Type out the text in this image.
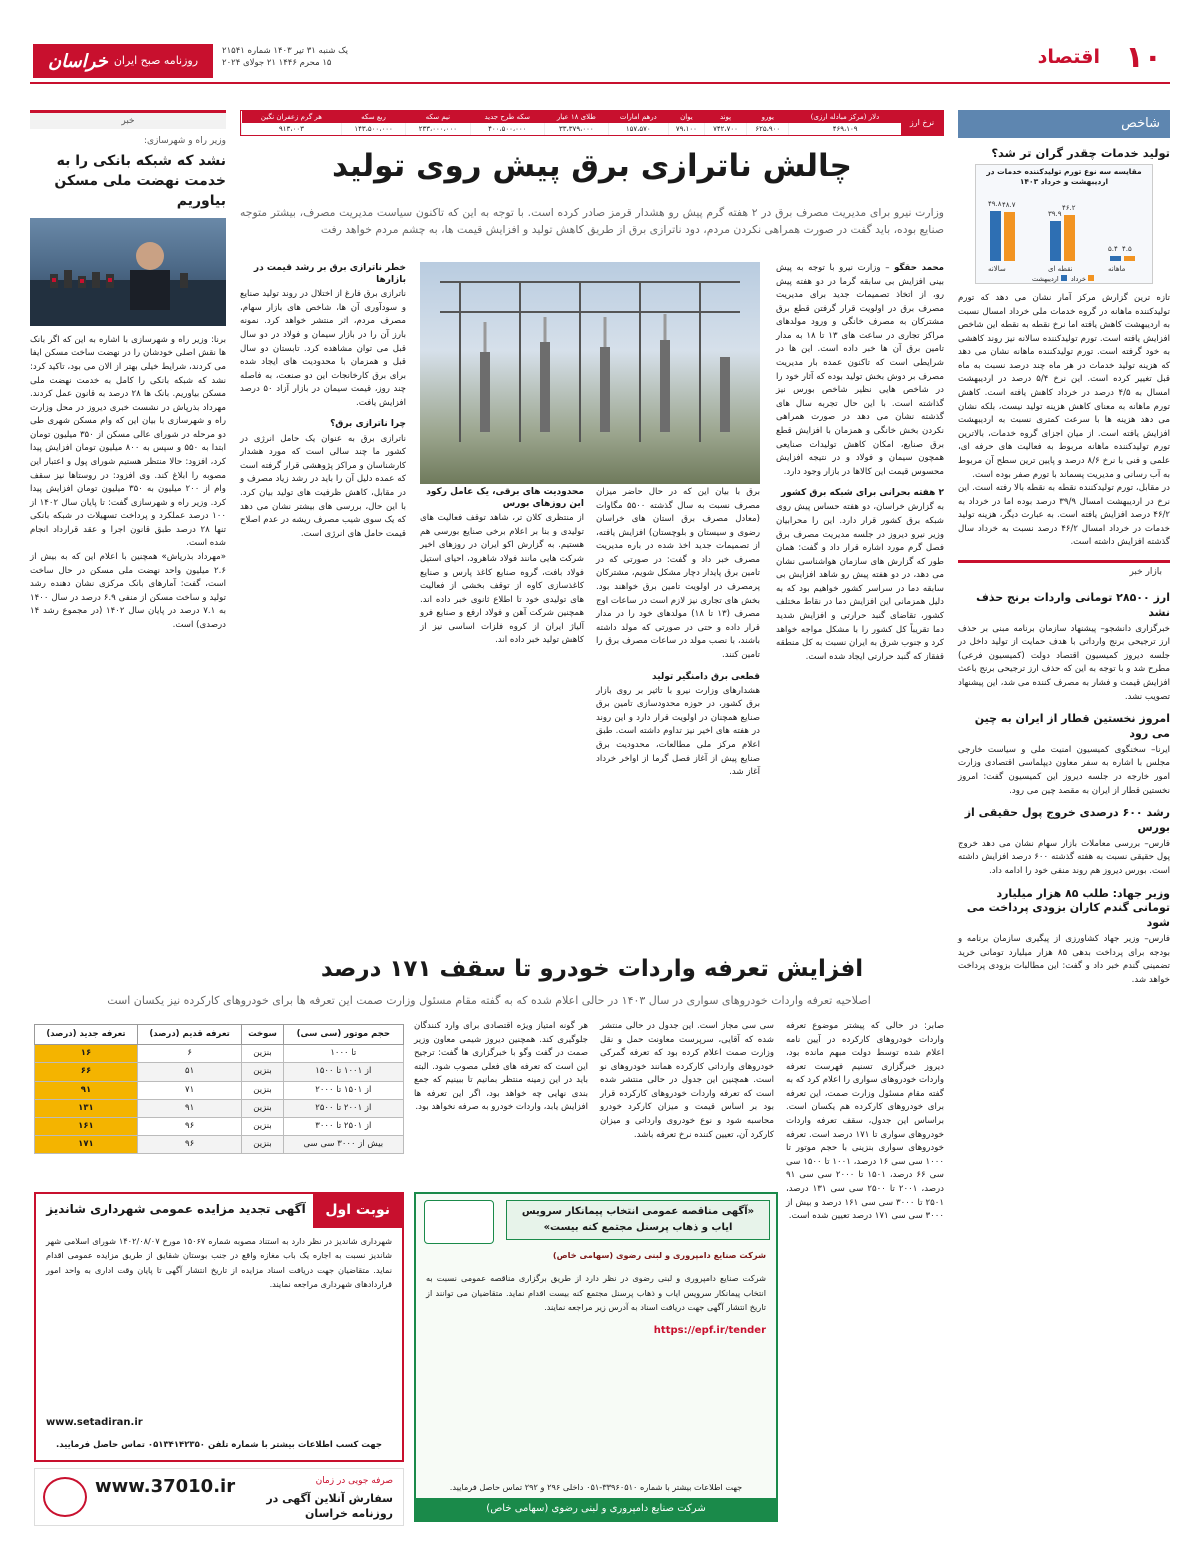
۱۰
اقتصاد
یک شنبه ۳۱ تیر ۱۴۰۳ شماره ۲۱۵۴۱
۱۵ محرم ۱۴۴۶ ۲۱ جولای ۲۰۲۴
روزنامه صبح ایران
خراسان
شاخص
تولید خدمات چقدر گران تر شد؟
مقایسه سه نوع تورم تولیدکننده خدمات در اردیبهشت و خرداد ۱۴۰۳
۴۹.۸ ۴۸.۷
سالانه
۳۹.۹
۴۶.۲
نقطه ای
۵.۴ ۴.۵
ماهانه
خرداد اردیبهشت

تازه ترین گزارش مرکز آمار نشان می دهد که تورم تولیدکننده ماهانه در گروه خدمات ملی خرداد امسال نسبت به اردیبهشت کاهش یافته اما نرخ نقطه به نقطه این شاخص افزایش یافته است. تورم تولیدکننده سالانه نیز روند کاهشی به خود گرفته است. تورم تولیدکننده ماهانه نشان می دهد که هزینه تولید خدمات در هر ماه چند درصد نسبت به ماه قبل تغییر کرده است. این نرخ ۵/۴ درصد در اردیبهشت امسال به ۴/۵ درصد در خرداد کاهش یافته است. کاهش تورم ماهانه به معنای کاهش هزینه تولید نیست، بلکه نشان می دهد هزینه ها با سرعت کمتری نسبت به اردیبهشت افزایش یافته است. از میان اجزای گروه خدمات، بالاترین تورم تولیدکننده ماهانه مربوط به فعالیت های حرفه ای، علمی و فنی با نرخ ۸/۶ درصد و پایین ترین سطح آن مربوط به آب رسانی و مدیریت پسماند با تورم صفر بوده است.

در مقابل، تورم تولیدکننده نقطه به نقطه بالا رفته است. این نرخ در اردیبهشت امسال ۳۹/۹ درصد بوده اما در خرداد به ۴۶/۲ درصد افزایش یافته است. به عبارت دیگر، هزینه تولید خدمات در خرداد امسال ۴۶/۲ درصد نسبت به خرداد سال گذشته افزایش داشته است.

بازار خبر
ارز ۲۸۵۰۰ تومانی واردات برنج حذف نشد

خبرگزاری دانشجو– پیشنهاد سازمان برنامه مبنی بر حذف ارز ترجیحی برنج وارداتی با هدف حمایت از تولید داخل در جلسه دیروز کمیسیون اقتصاد دولت (کمیسیون فرعی) مطرح شد و با توجه به این که حذف ارز ترجیحی برنج باعث افزایش قیمت و فشار به مصرف کننده می شد، این پیشنهاد تصویب نشد.

امروز نخستین قطار از ایران به چین می رود

ایرنا– سخنگوی کمیسیون امنیت ملی و سیاست خارجی مجلس با اشاره به سفر معاون دیپلماسی اقتصادی وزارت امور خارجه در جلسه دیروز این کمیسیون گفت: امروز نخستین قطار از ایران به مقصد چین می رود.

رشد ۶۰۰ درصدی خروج پول حقیقی از بورس

فارس– بررسی معاملات بازار سهام نشان می دهد خروج پول حقیقی نسبت به هفته گذشته ۶۰۰ درصد افزایش داشته است. بورس دیروز هم روند منفی خود را ادامه داد.

وزیر جهاد: طلب ۸۵ هزار میلیارد تومانی گندم کاران بزودی پرداخت می شود

فارس– وزیر جهاد کشاورزی از پیگیری سازمان برنامه و بودجه برای پرداخت بدهی ۸۵ هزار میلیارد تومانی خرید تضمینی گندم خبر داد و گفت: این مطالبات بزودی پرداخت خواهد شد.

خبر
وزیر راه و شهرسازی:
نشد که شبکه بانکی را به خدمت نهضت ملی مسکن بیاوریم

برنا: وزیر راه و شهرسازی با اشاره به این که اگر بانک ها نقش اصلی خودشان را در نهضت ساخت مسکن ایفا می کردند، شرایط خیلی بهتر از الان می بود، تاکید کرد: نشد که شبکه بانکی را کامل به خدمت نهضت ملی مسکن بیاوریم. بانک ها ۲۸ درصد به قانون عمل کردند. مهرداد بذرپاش در نشست خبری دیروز در محل وزارت راه و شهرسازی با بیان این که وام مسکن شهری طی دو مرحله در شورای عالی مسکن از ۳۵۰ میلیون تومان ابتدا به ۵۵۰ و سپس به ۸۰۰ میلیون تومان افزایش پیدا کرد، افزود: حالا منتظر هستیم شورای پول و اعتبار این مصوبه را ابلاغ کند. وی افزود: در روستاها نیز سقف وام از ۲۰۰ میلیون به ۳۵۰ میلیون تومان افزایش پیدا کرد. وزیر راه و شهرسازی گفت: تا پایان سال ۱۴۰۲ از ۱۰۰ درصد عملکرد و پرداخت تسهیلات در شبکه بانکی تنها ۲۸ درصد طبق قانون اجرا و عقد قرارداد انجام شده است.

«مهرداد بذرپاش» همچنین با اعلام این که به بیش از ۲.۶ میلیون واحد نهضت ملی مسکن در حال ساخت است، گفت: آمارهای بانک مرکزی نشان دهنده رشد تولید و ساخت مسکن از منفی ۶.۹ درصد در سال ۱۴۰۰ به ۷.۱ درصد در پایان سال ۱۴۰۲ (در مجموع رشد ۱۴ درصدی) است.

نرخ ارز	دلار (مرکز مبادله ارزی)	یورو	پوند	یوان	درهم امارات	طلای ۱۸ عیار	سکه طرح جدید	نیم سکه	ربع سکه	هر گرم زعفران نگین
	۴۶۹،۱۰۹	۶۲۵،۹۰۰	۷۴۲،۷۰۰	۷۹،۱۰۰	۱۵۷،۵۷۰	۳۳،۳۷۹،۰۰۰	۴۰۰،۵۰۰،۰۰۰	۲۳۳،۰۰۰،۰۰۰	۱۴۳،۵۰۰،۰۰۰	۹۱۳،۰۰۳
چالش ناترازی برق پیش روی تولید
وزارت نیرو برای مدیریت مصرف برق در ۲ هفته گرم پیش رو هشدار قرمز صادر کرده است. با توجه به این که تاکنون سیاست مدیریت مصرف، بیشتر متوجه صنایع بوده، باید گفت در صورت همراهی نکردن مردم، دود ناترازی برق از طریق کاهش تولید و افزایش قیمت ها، به چشم مردم خواهد رفت

محمد حقگو – وزارت نیرو با توجه به پیش بینی افزایش بی سابقه گرما در دو هفته پیش رو، از اتخاذ تصمیمات جدید برای مدیریت مصرف برق در اولویت قرار گرفتن قطع برق مشترکان به مصرف خانگی و ورود مولدهای مراکز تجاری در ساعت های ۱۳ تا ۱۸ به مدار تامین برق آن ها خبر داده است. این ها در شرایطی است که تاکنون عمده بار مدیریت مصرف بر دوش بخش تولید بوده که آثار خود را در شاخص هایی نظیر شاخص بورس نیز گذاشته است. با این حال تجربه سال های گذشته نشان می دهد در صورت همراهی نکردن بخش خانگی و همزمان با افزایش قطع برق صنایع، امکان کاهش تولیدات صنایعی همچون سیمان و فولاد و در نتیجه افزایش محسوس قیمت این کالاها در بازار وجود دارد.

۲ هفته بحرانی برای شبکه برق کشور

به گزارش خراسان، دو هفته حساس پیش روی شبکه برق کشور قرار دارد. این را محرابیان وزیر نیرو دیروز در جلسه مدیریت مصرف برق فصل گرم مورد اشاره قرار داد و گفت: همان طور که گزارش های سازمان هواشناسی نشان می دهد، در دو هفته پیش رو شاهد افزایش بی سابقه دما در سراسر کشور خواهیم بود که به دلیل همزمانی این افزایش دما در نقاط مختلف کشور، تقاضای گنبد حرارتی و افزایش شدید دما تقریباً کل کشور را با مشکل مواجه خواهد کرد و جنوب شرق به ایران نسبت به کل منطقه قفقاز که گنبد حرارتی ایجاد شده است.

برق با بیان این که در حال حاضر میزان مصرف نسبت به سال گذشته ۵۵۰۰ مگاوات (معادل مصرف برق استان های خراسان رضوی و سیستان و بلوچستان) افزایش یافته، از تصمیمات جدید اخذ شده در باره مدیریت مصرف خبر داد و گفت: در صورتی که در تامین برق پایدار دچار مشکل شویم، مشترکان پرمصرف در اولویت تامین برق خواهند بود. بخش های تجاری نیز لازم است در ساعات اوج مصرف (۱۳ تا ۱۸) مولدهای خود را در مدار قرار داده و حتی در صورتی که مولد داشته باشند، با نصب مولد در ساعات مصرف برق را تامین کنند.

قطعی برق دامنگیر تولید

هشدارهای وزارت نیرو با تاثیر بر روی بازار برق کشور، در حوزه محدودسازی تامین برق صنایع همچنان در اولویت قرار دارد و این روند در هفته های اخیر نیز تداوم داشته است. طبق اعلام مرکز ملی مطالعات، محدودیت برق صنایع پیش از آغاز فصل گرما از اواخر خرداد آغاز شد.

محدودیت های برقی، یک عامل رکود این روزهای بورس

از منتظری کلان تر، شاهد توقف فعالیت های تولیدی و بنا بر اعلام برخی صنایع بورسی هم هستیم. به گزارش اکو ایران در روزهای اخیر شرکت هایی مانند فولاد شاهرود، احیای استیل فولاد بافت، گروه صنایع کاغذ پارس و صنایع کاغذسازی کاوه از توقف بخشی از فعالیت های تولیدی خود تا اطلاع ثانوی خبر داده اند. همچنین شرکت آهن و فولاد ارفع و صنایع فرو آلیاژ ایران از کروه فلزات اساسی نیز از کاهش تولید خبر داده اند.

خطر ناترازی برق بر رشد قیمت در بازارها

ناترازی برق فارغ از اختلال در روند تولید صنایع و سودآوری آن ها، شاخص های بازار سهام، مصرف مردم، اثر منتشر خواهد کرد. نمونه بارز آن را در بازار سیمان و فولاد در دو سال قبل می توان مشاهده کرد. تابستان دو سال قبل و همزمان با محدودیت های ایجاد شده برای برق کارخانجات این دو صنعت، به فاصله چند روز، قیمت سیمان در بازار آزاد ۵۰ درصد افزایش یافت.

چرا ناترازی برق؟

ناترازی برق به عنوان یک حامل انرژی در کشور ما چند سالی است که مورد هشدار کارشناسان و مراکز پژوهشی قرار گرفته است که عمده دلیل آن را باید در رشد زیاد مصرف و در مقابل، کاهش ظرفیت های تولید بیان کرد. با این حال، بررسی های بیشتر نشان می دهد که یک سوی شیب مصرف ریشه در عدم اصلاح قیمت حامل های انرژی است.

افزایش تعرفه واردات خودرو تا سقف ۱۷۱ درصد
اصلاحیه تعرفه واردات خودروهای سواری در سال ۱۴۰۳ در حالی اعلام شده که به گفته مقام مسئول وزارت صمت این تعرفه ها برای خودروهای کارکرده نیز یکسان است

صابر: در حالی که پیشتر موضوع تعرفه واردات خودروهای کارکرده در آیین نامه اعلام شده توسط دولت مبهم مانده بود، دیروز خبرگزاری تسنیم فهرست تعرفه واردات خودروهای سواری را اعلام کرد که به گفته مقام مسئول وزارت صمت، این تعرفه برای خودروهای کارکرده هم یکسان است. براساس این جدول، سقف تعرفه واردات خودروهای سواری تا ۱۷۱ درصد است. تعرفه خودروهای سواری بنزینی با حجم موتور تا ۱۰۰۰ سی سی ۱۶ درصد، ۱۰۰۱ تا ۱۵۰۰ سی سی ۶۶ درصد، ۱۵۰۱ تا ۲۰۰۰ سی سی ۹۱ درصد، ۲۰۰۱ تا ۲۵۰۰ سی سی ۱۳۱ درصد، ۲۵۰۱ تا ۳۰۰۰ سی سی ۱۶۱ درصد و بیش از ۳۰۰۰ سی سی ۱۷۱ درصد تعیین شده است.

سی سی مجاز است. این جدول در حالی منتشر شده که آقایی، سرپرست معاونت حمل و نقل وزارت صمت اعلام کرده بود که تعرفه گمرکی خودروهای وارداتی کارکرده همانند خودروهای نو است. همچنین این جدول در حالی منتشر شده است که تعرفه واردات خودروهای کارکرده قرار بود بر اساس قیمت و میزان کارکرد خودرو محاسبه شود و نوع خودروی وارداتی و میزان کارکرد آن، تعیین کننده نرخ تعرفه باشد.

هر گونه امتیاز ویژه اقتصادی برای وارد کنندگان جلوگیری کند. همچنین دیروز شیمی معاون وزیر صمت در گفت وگو با خبرگزاری ها گفت: ترجیح این است که تعرفه های فعلی مصوب شود. البته باید در این زمینه منتظر بمانیم تا ببینیم که جمع بندی نهایی چه خواهد بود، اگر این تعرفه ها افزایش یابد، واردات خودرو به صرفه نخواهد بود.

حجم موتور (سی سی)	سوخت	تعرفه قدیم (درصد)	تعرفه جدید (درصد)
تا ۱۰۰۰	بنزین	۶	۱۶
از ۱۰۰۱ تا ۱۵۰۰	بنزین	۵۱	۶۶
از ۱۵۰۱ تا ۲۰۰۰	بنزین	۷۱	۹۱
از ۲۰۰۱ تا ۲۵۰۰	بنزین	۹۱	۱۳۱
از ۲۵۰۱ تا ۳۰۰۰	بنزین	۹۶	۱۶۱
بیش از ۳۰۰۰ سی سی	بنزین	۹۶	۱۷۱
نوبت اول
آگهی تجدید مزایده عمومی شهرداری شاندیز

شهرداری شاندیز در نظر دارد به استناد مصوبه شماره ۱۵۰۶۷ مورخ ۱۴۰۲/۰۸/۰۷ شورای اسلامی شهر شاندیز نسبت به اجاره یک باب مغازه واقع در جنب بوستان شقایق از طریق مزایده عمومی اقدام نماید. متقاضیان جهت دریافت اسناد مزایده از تاریخ انتشار آگهی تا پایان وقت اداری به واحد امور قراردادهای شهرداری مراجعه نمایند.

www.setadiran.ir
جهت کسب اطلاعات بیشتر با شماره تلفن ۰۵۱۳۴۱۴۲۳۵۰ تماس حاصل فرمایید.
«آگهی مناقصه عمومی انتخاب پیمانکار سرویس ایاب و ذهاب پرسنل مجتمع کنه بیست»

شرکت صنایع دامپروری و لبنی رضوی (سهامی خاص)

شرکت صنایع دامپروری و لبنی رضوی در نظر دارد از طریق برگزاری مناقصه عمومی نسبت به انتخاب پیمانکار سرویس ایاب و ذهاب پرسنل مجتمع کنه بیست اقدام نماید. متقاضیان می توانند از تاریخ انتشار آگهی جهت دریافت اسناد به آدرس زیر مراجعه نمایند.

https://epf.ir/tender
جهت اطلاعات بیشتر با شماره ۳۳۹۶۰۵۱۰-۰۵۱ داخلی ۲۹۶ و ۲۹۲ تماس حاصل فرمایید.
شرکت صنایع دامپروری و لبنی رضوی (سهامی خاص)
صرفه جویی در زمان
سفارش آنلاین آگهی در روزنامه خراسان
www.37010.ir
